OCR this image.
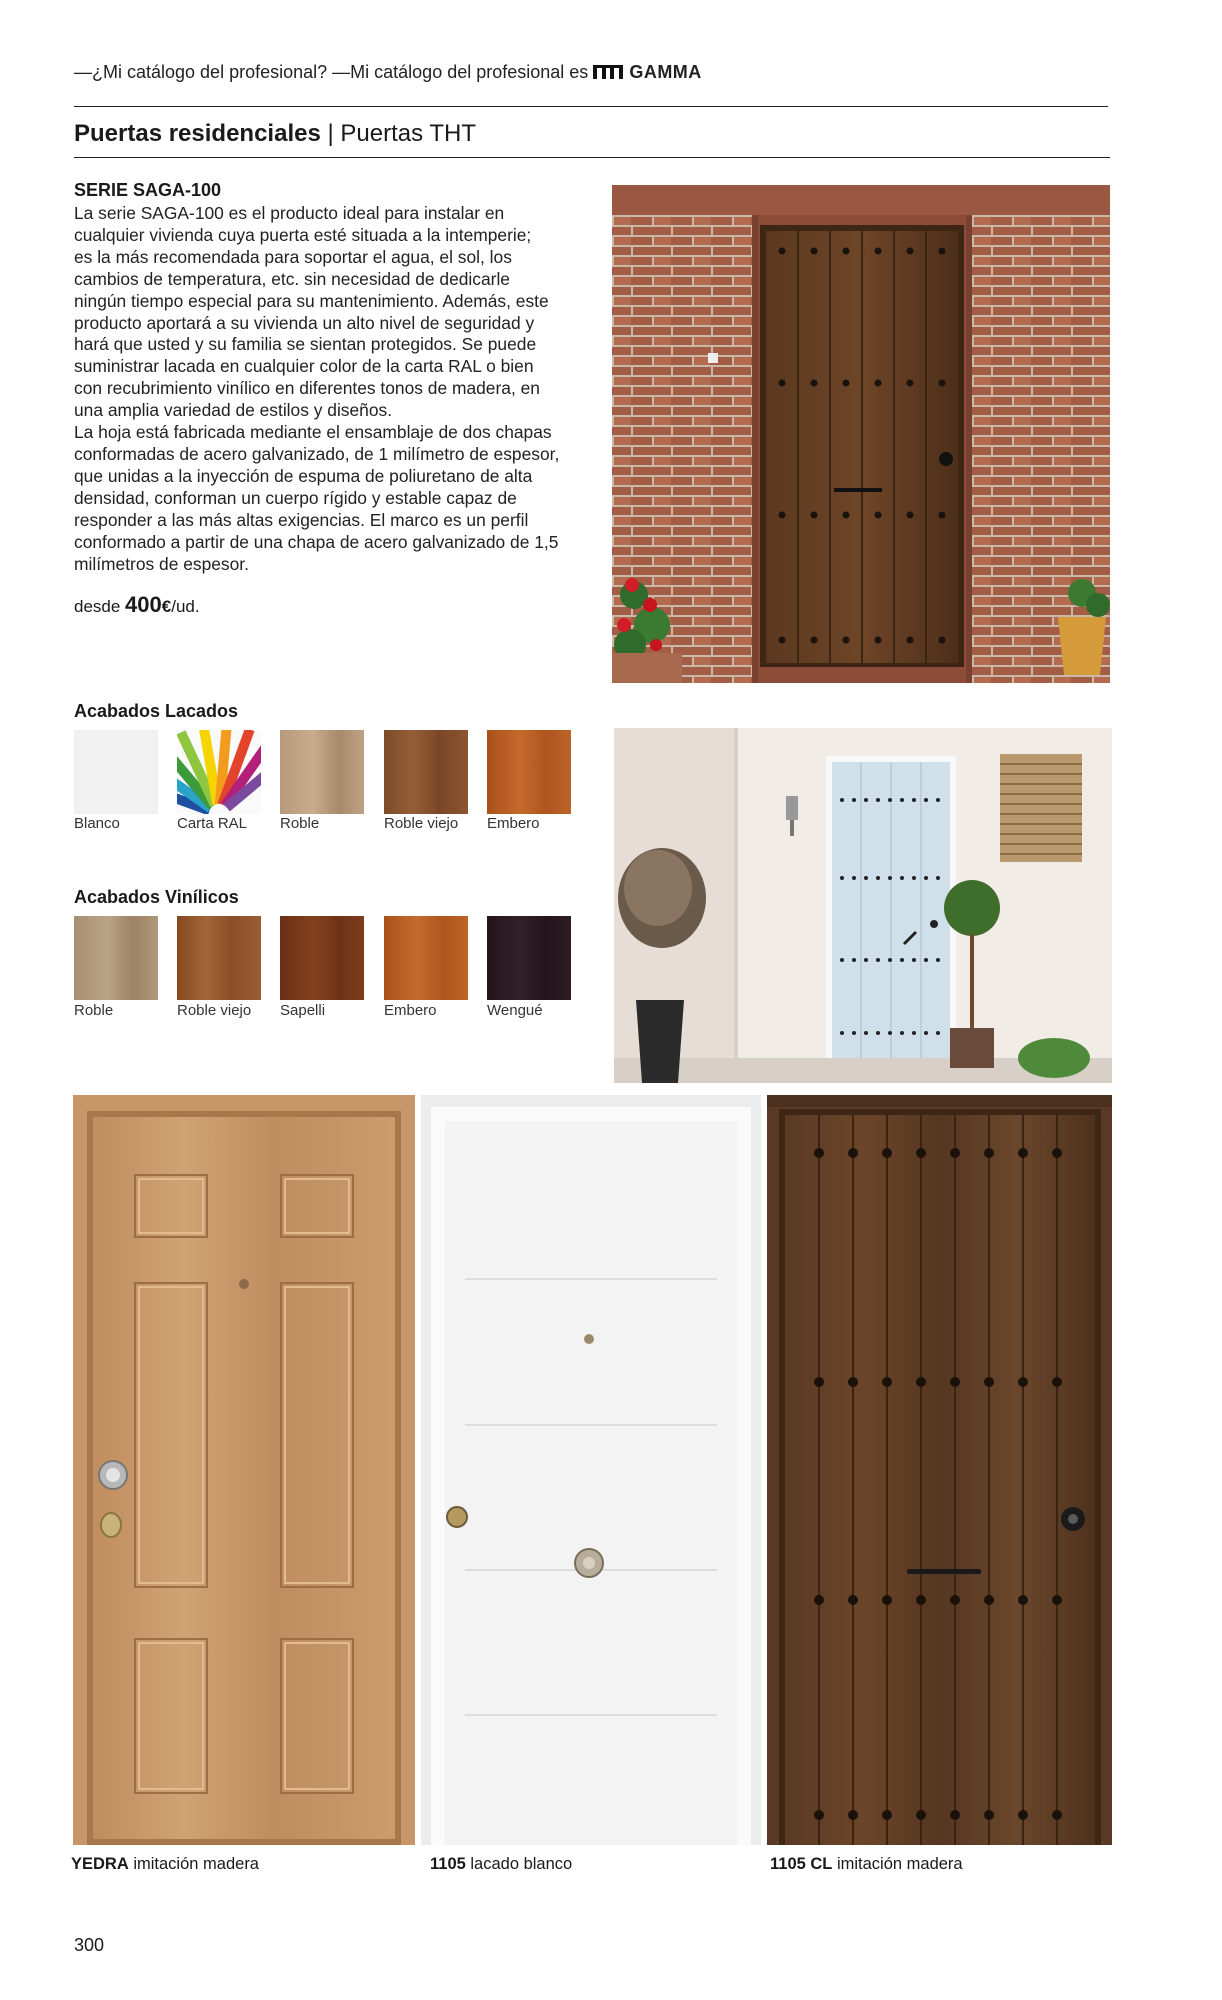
—¿Mi catálogo del profesional? —Mi catálogo del profesional es GAMMA
Puertas residenciales | Puertas THT
SERIE SAGA-100
La serie SAGA-100 es el producto ideal para instalar en
cualquier vivienda cuya puerta esté situada a la intemperie;
es la más recomendada para soportar el agua, el sol, los
cambios de temperatura, etc. sin necesidad de dedicarle
ningún tiempo especial para su mantenimiento. Además, este
producto aportará a su vivienda un alto nivel de seguridad y
hará que usted y su familia se sientan protegidos. Se puede
suministrar lacada en cualquier color de la carta RAL o bien
con recubrimiento vinílico en diferentes tonos de madera, en
una amplia variedad de estilos y diseños.
La hoja está fabricada mediante el ensamblaje de dos chapas
conformadas de acero galvanizado, de 1 milímetro de espesor,
que unidas a la inyección de espuma de poliuretano de alta
densidad, conforman un cuerpo rígido y estable capaz de
responder a las más altas exigencias. El marco es un perfil
conformado a partir de una chapa de acero galvanizado de 1,5
milímetros de espesor.
desde 400€/ud.
Acabados Lacados
Blanco	Carta RAL Roble	Roble viejo Embero
Acabados Vinílicos
Roble	Roble viejo Sapelli	Embero	Wengué
YEDRA imitación madera	1105 lacado blanco	1105 CL imitación madera
300
